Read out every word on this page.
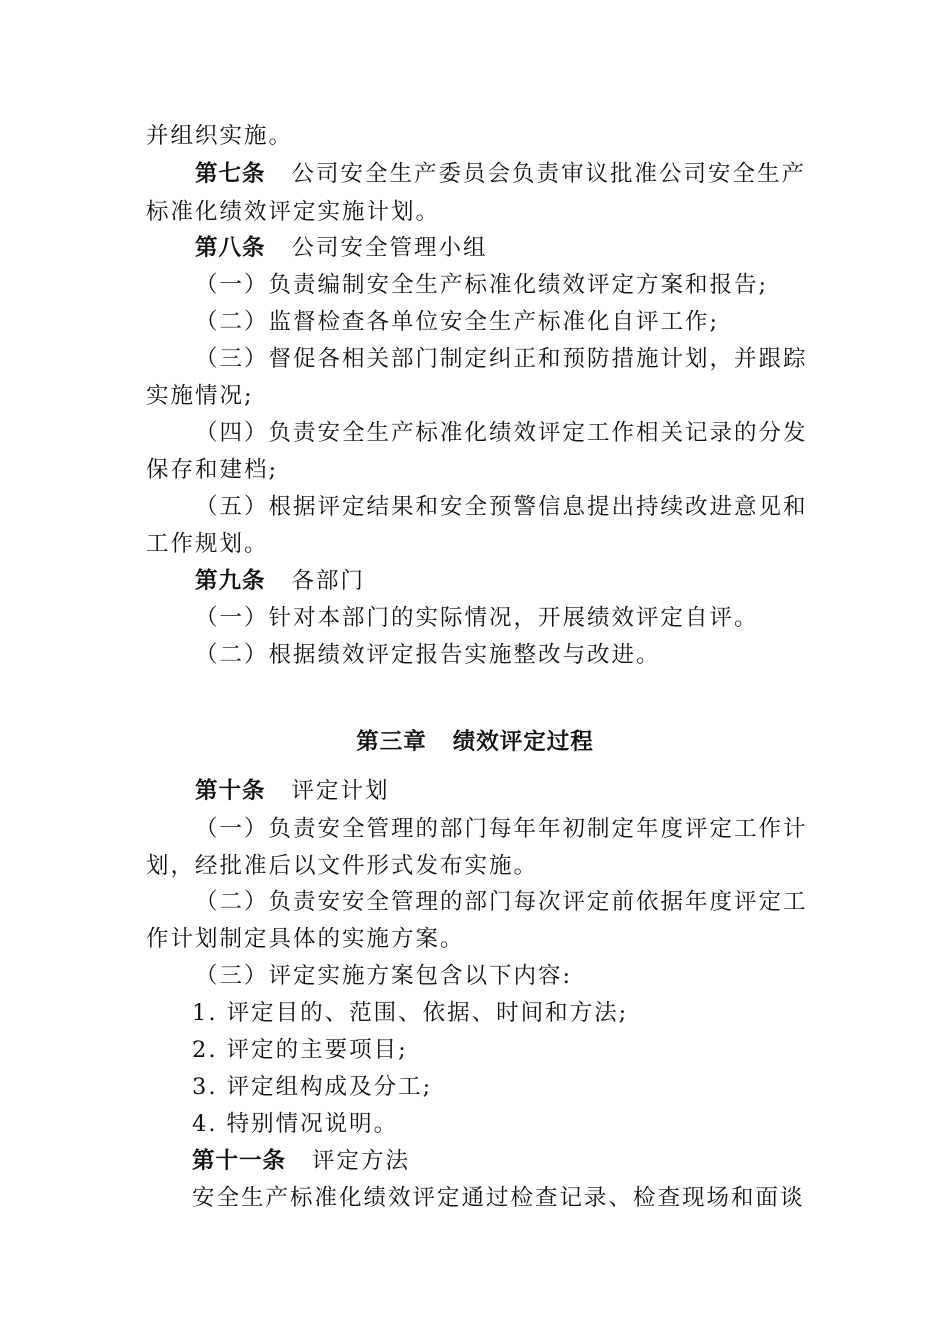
并组织实施。
第七条 公司安全生产委员会负责审议批准公司安全生产
标准化绩效评定实施计划。
第八条 公司安全管理小组
（一）负责编制安全生产标准化绩效评定方案和报告;
（二）监督检查各单位安全生产标准化自评工作;
（三）督促各相关部门制定纠正和预防措施计划，并跟踪
实施情况;
（四）负责安全生产标准化绩效评定工作相关记录的分发
保存和建档;
（五）根据评定结果和安全预警信息提出持续改进意见和
工作规划。
第九条 各部门
（一）针对本部门的实际情况，开展绩效评定自评。
（二）根据绩效评定报告实施整改与改进。
第三章 绩效评定过程
第十条 评定计划
（一）负责安全管理的部门每年年初制定年度评定工作计
划，经批准后以文件形式发布实施。
（二）负责安安全管理的部门每次评定前依据年度评定工
作计划制定具体的实施方案。
（三）评定实施方案包含以下内容:
1. 评定目的、范围、依据、时间和方法;
2. 评定的主要项目;
3. 评定组构成及分工;
4. 特别情况说明。
第十一条 评定方法
安全生产标准化绩效评定通过检查记录、检查现场和面谈
